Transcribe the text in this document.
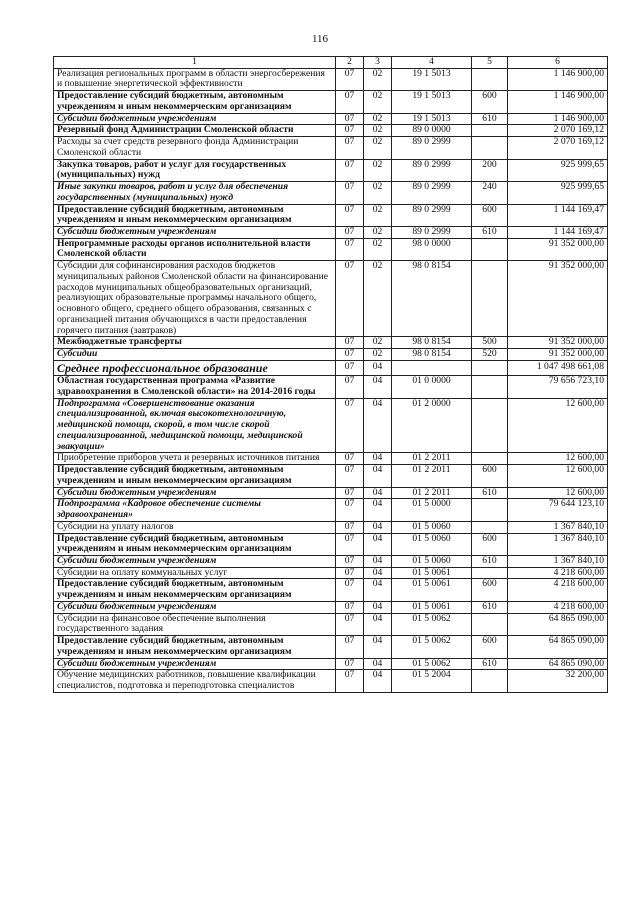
116
1	2	3	4	5	6
Реализация региональных программ в области энергосбережения и повышение энергетической эффективности	07	02	19 1 5013		1 146 900,00
Предоставление субсидий бюджетным, автономным учреждениям и иным некоммерческим организациям	07	02	19 1 5013	600	1 146 900,00
Субсидии бюджетным учреждениям	07	02	19 1 5013	610	1 146 900,00
Резервный фонд Администрации Смоленской области	07	02	89 0 0000		2 070 169,12
Расходы за счет средств резервного фонда Администрации Смоленской области	07	02	89 0 2999		2 070 169,12
Закупка товаров, работ и услуг для государственных (муниципальных) нужд	07	02	89 0 2999	200	925 999,65
Иные закупки товаров, работ и услуг для обеспечения государственных (муниципальных) нужд	07	02	89 0 2999	240	925 999,65
Предоставление субсидий бюджетным, автономным учреждениям и иным некоммерческим организациям	07	02	89 0 2999	600	1 144 169,47
Субсидии бюджетным учреждениям	07	02	89 0 2999	610	1 144 169,47
Непрограммные расходы органов исполнительной власти Смоленской области	07	02	98 0 0000		91 352 000,00
Субсидии для софинансирования расходов бюджетов муниципальных районов Смоленской области на финансирование расходов муниципальных общеобразовательных организаций, реализующих образовательные программы начального общего, основного общего, среднего общего образования, связанных с организацией питания обучающихся в части предоставления горячего питания (завтраков)	07	02	98 0 8154		91 352 000,00
Межбюджетные трансферты	07	02	98 0 8154	500	91 352 000,00
Субсидии	07	02	98 0 8154	520	91 352 000,00
Среднее профессиональное образование	07	04			1 047 498 661,08
Областная государственная программа «Развитие здравоохранения в Смоленской области» на 2014-2016 годы	07	04	01 0 0000		79 656 723,10
Подпрограмма «Совершенствование оказания специализированной, включая высокотехнологичную, медицинской помощи, скорой, в том числе скорой специализированной, медицинской помощи, медицинской эвакуации»	07	04	01 2 0000		12 600,00
Приобретение приборов учета и резервных источников питания	07	04	01 2 2011		12 600,00
Предоставление субсидий бюджетным, автономным учреждениям и иным некоммерческим организациям	07	04	01 2 2011	600	12 600,00
Субсидии бюджетным учреждениям	07	04	01 2 2011	610	12 600,00
Подпрограмма «Кадровое обеспечение системы здравоохранения»	07	04	01 5 0000		79 644 123,10
Субсидии на уплату налогов	07	04	01 5 0060		1 367 840,10
Предоставление субсидий бюджетным, автономным учреждениям и иным некоммерческим организациям	07	04	01 5 0060	600	1 367 840,10
Субсидии бюджетным учреждениям	07	04	01 5 0060	610	1 367 840,10
Субсидии на оплату коммунальных услуг	07	04	01 5 0061		4 218 600,00
Предоставление субсидий бюджетным, автономным учреждениям и иным некоммерческим организациям	07	04	01 5 0061	600	4 218 600,00
Субсидии бюджетным учреждениям	07	04	01 5 0061	610	4 218 600,00
Субсидии на финансовое обеспечение выполнения государственного задания	07	04	01 5 0062		64 865 090,00
Предоставление субсидий бюджетным, автономным учреждениям и иным некоммерческим организациям	07	04	01 5 0062	600	64 865 090,00
Субсидии бюджетным учреждениям	07	04	01 5 0062	610	64 865 090,00
Обучение медицинских работников, повышение квалификации специалистов, подготовка и переподготовка специалистов	07	04	01 5 2004		32 200,00
